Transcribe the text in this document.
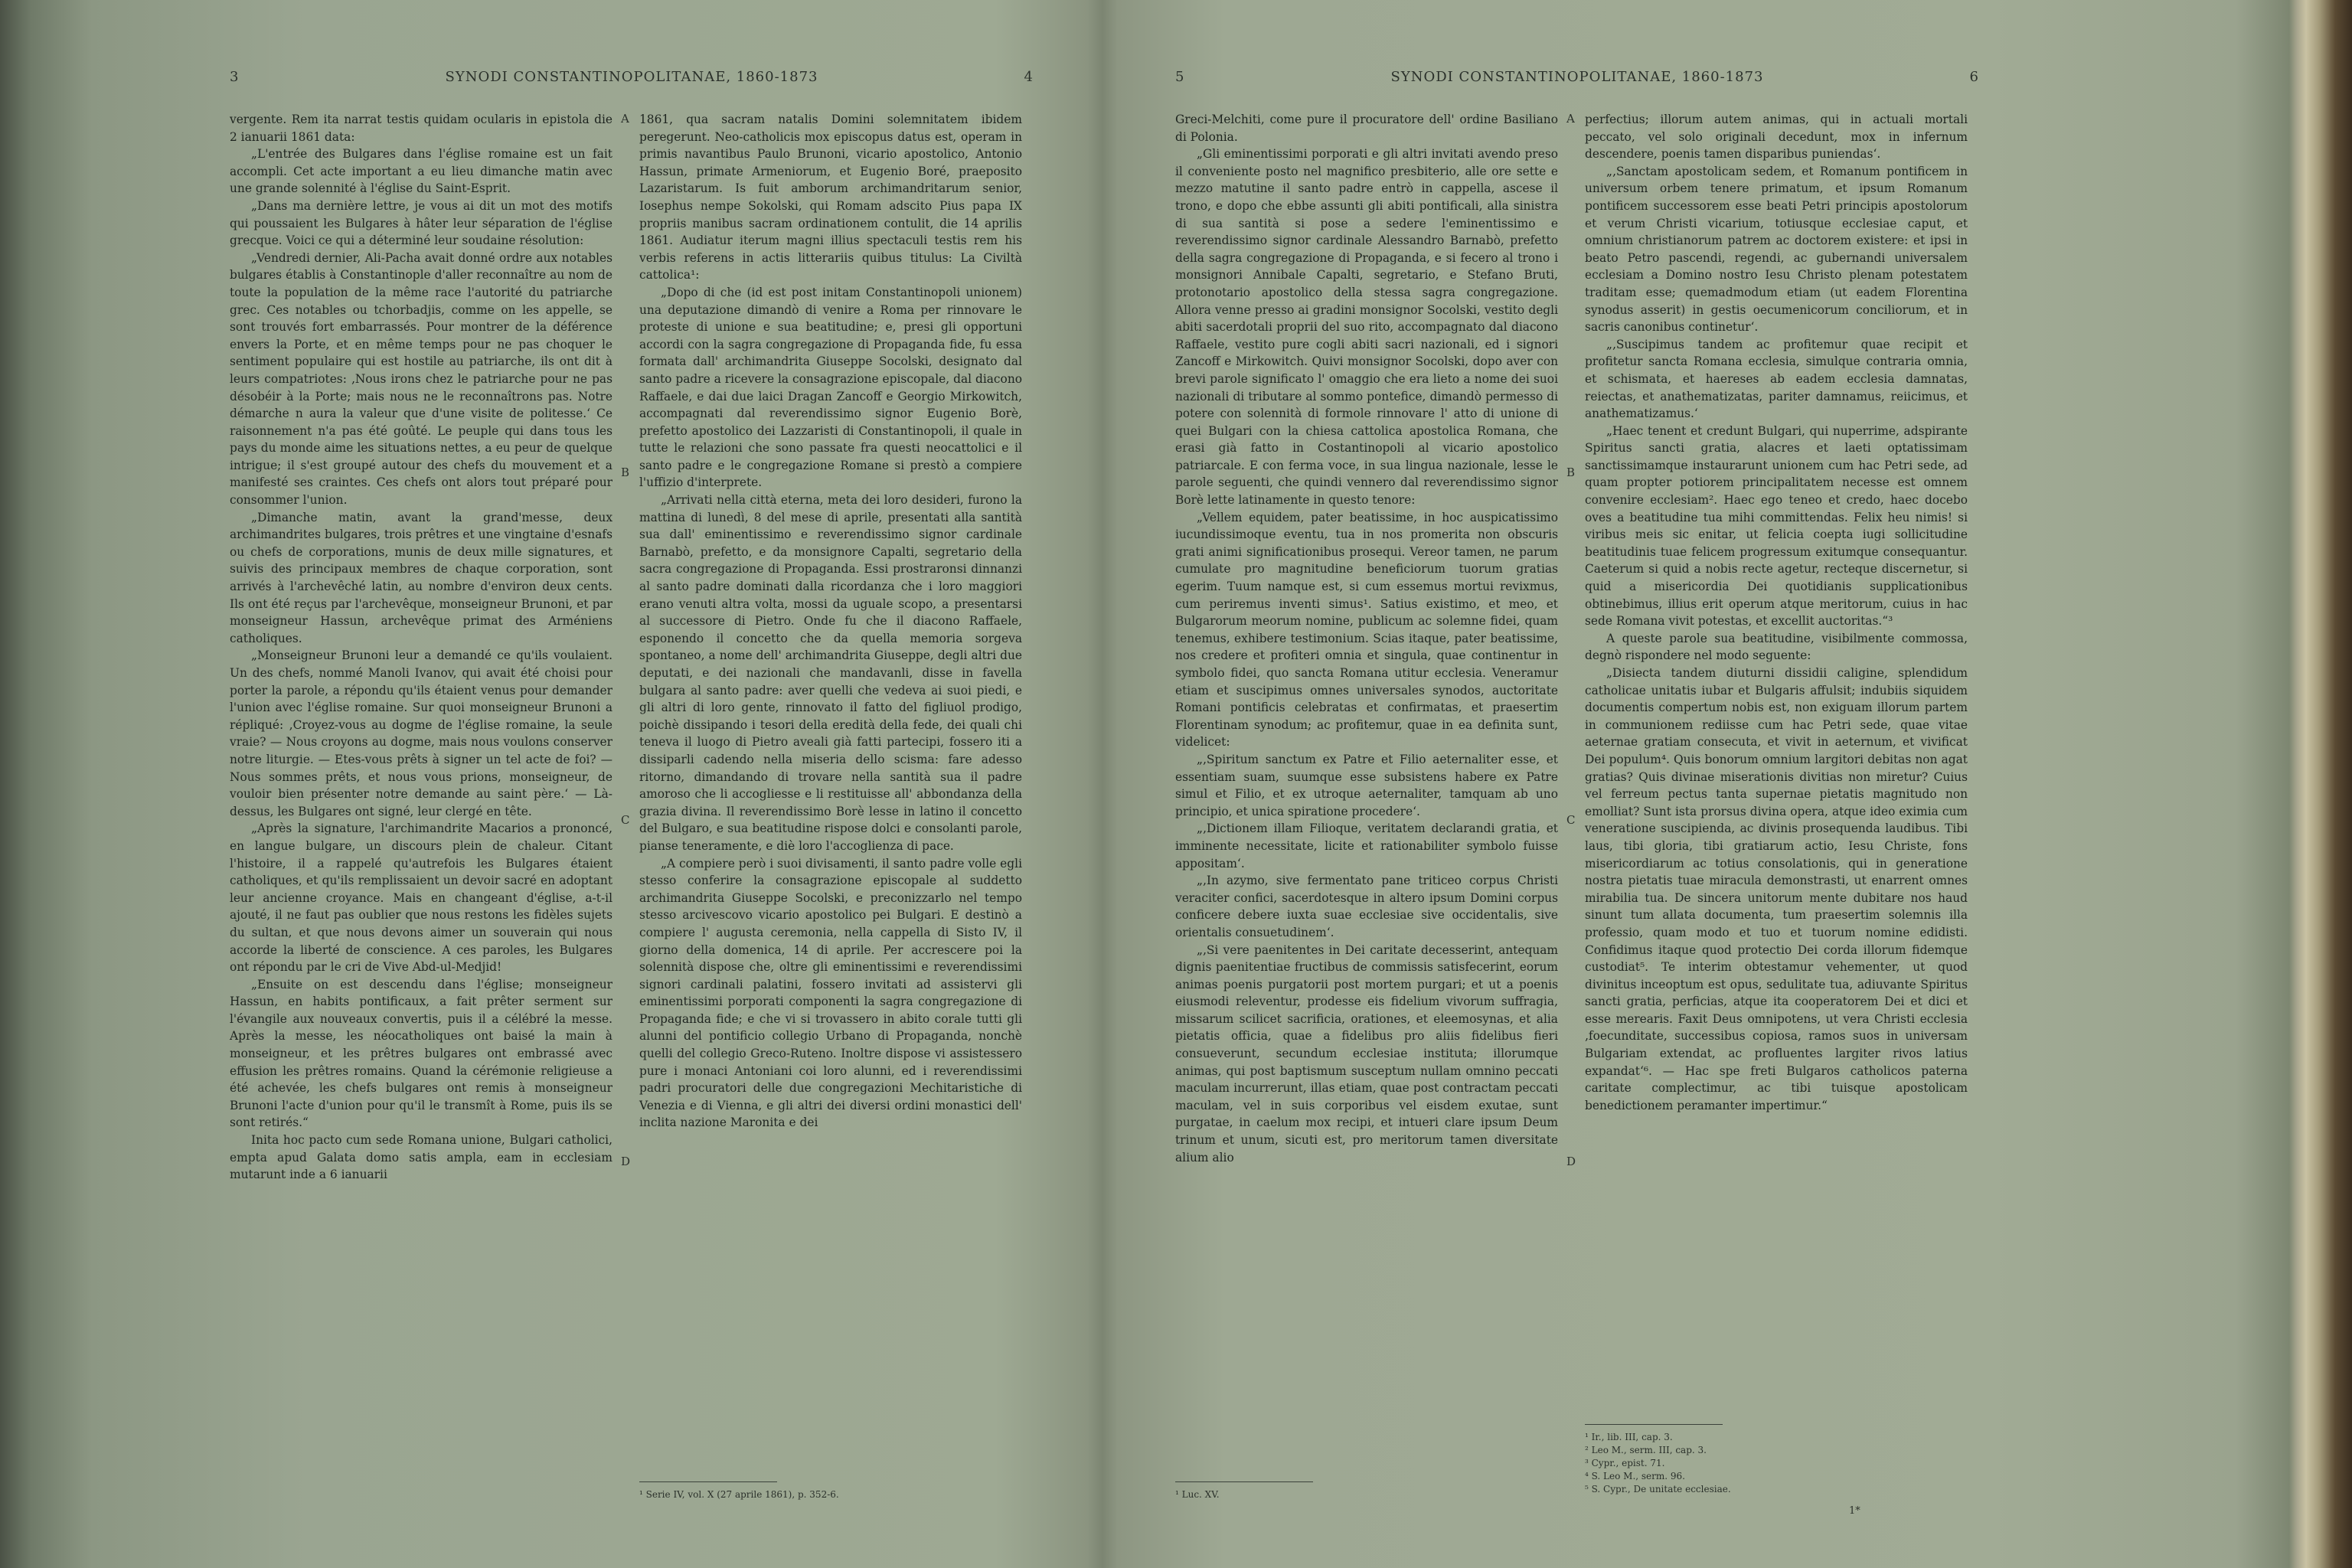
3	SYNODI CONSTANTINOPOLITANAE, 1860-1873	4

vergente. Rem ita narrat testis quidam ocularis in epistola die 2 ianuarii 1861 data:

„L'entrée des Bulgares dans l'église romaine est un fait accompli. Cet acte important a eu lieu dimanche matin avec une grande solennité à l'église du Saint-Esprit.

„Dans ma dernière lettre, je vous ai dit un mot des motifs qui poussaient les Bulgares à hâter leur séparation de l'église grecque. Voici ce qui a déterminé leur soudaine résolution:

„Vendredi dernier, Ali-Pacha avait donné ordre aux notables bulgares établis à Constantinople d'aller reconnaître au nom de toute la population de la même race l'autorité du patriarche grec. Ces notables ou tchorbadjis, comme on les appelle, se sont trouvés fort embarrassés. Pour montrer de la déférence envers la Porte, et en même temps pour ne pas choquer le sentiment populaire qui est hostile au patriarche, ils ont dit à leurs compatriotes: ‚Nous irons chez le patriarche pour ne pas désobéir à la Porte; mais nous ne le reconnaîtrons pas. Notre démarche n aura la valeur que d'une visite de politesse.‘ Ce raisonnement n'a pas été goûté. Le peuple qui dans tous les pays du monde aime les situations nettes, a eu peur de quelque intrigue; il s'est groupé autour des chefs du mouvement et a manifesté ses craintes. Ces chefs ont alors tout préparé pour consommer l'union.

„Dimanche matin, avant la grand'messe, deux archimandrites bulgares, trois prêtres et une vingtaine d'esnafs ou chefs de corporations, munis de deux mille signatures, et suivis des principaux membres de chaque corporation, sont arrivés à l'archevêché latin, au nombre d'environ deux cents. Ils ont été reçus par l'archevêque, monseigneur Brunoni, et par monseigneur Hassun, archevêque primat des Arméniens catholiques.

„Monseigneur Brunoni leur a demandé ce qu'ils voulaient. Un des chefs, nommé Manoli Ivanov, qui avait été choisi pour porter la parole, a répondu qu'ils étaient venus pour demander l'union avec l'église romaine. Sur quoi monseigneur Brunoni a répliqué: ‚Croyez-vous au dogme de l'église romaine, la seule vraie? — Nous croyons au dogme, mais nous voulons conserver notre liturgie. — Etes-vous prêts à signer un tel acte de foi? — Nous sommes prêts, et nous vous prions, monseigneur, de vouloir bien présenter notre demande au saint père.‘ — Là-dessus, les Bulgares ont signé, leur clergé en tête.

„Après la signature, l'archimandrite Macarios a prononcé, en langue bulgare, un discours plein de chaleur. Citant l'histoire, il a rappelé qu'autrefois les Bulgares étaient catholiques, et qu'ils remplissaient un devoir sacré en adoptant leur ancienne croyance. Mais en changeant d'église, a-t-il ajouté, il ne faut pas oublier que nous restons les fidèles sujets du sultan, et que nous devons aimer un souverain qui nous accorde la liberté de conscience. A ces paroles, les Bulgares ont répondu par le cri de Vive Abd-ul-Medjid!

„Ensuite on est descendu dans l'église; monseigneur Hassun, en habits pontificaux, a fait prêter serment sur l'évangile aux nouveaux convertis, puis il a célébré la messe. Après la messe, les néocatholiques ont baisé la main à monseigneur, et les prêtres bulgares ont embrassé avec effusion les prêtres romains. Quand la cérémonie religieuse a été achevée, les chefs bulgares ont remis à monseigneur Brunoni l'acte d'union pour qu'il le transmît à Rome, puis ils se sont retirés.“

Inita hoc pacto cum sede Romana unione, Bulgari catholici, empta apud Galata domo satis ampla, eam in ecclesiam mutarunt inde a 6 ianuarii

A
B
C
D

1861, qua sacram natalis Domini solemnitatem ibidem peregerunt. Neo-catholicis mox episcopus datus est, operam in primis navantibus Paulo Brunoni, vicario apostolico, Antonio Hassun, primate Armeniorum, et Eugenio Boré, praeposito Lazaristarum. Is fuit amborum archimandritarum senior, Iosephus nempe Sokolski, qui Romam adscito Pius papa IX propriis manibus sacram ordinationem contulit, die 14 aprilis 1861. Audiatur iterum magni illius spectaculi testis rem his verbis referens in actis litterariis quibus titulus: La Civiltà cattolica¹:

„Dopo di che (id est post initam Constantinopoli unionem) una deputazione dimandò di venire a Roma per rinnovare le proteste di unione e sua beatitudine; e, presi gli opportuni accordi con la sagra congregazione di Propaganda fide, fu essa formata dall' archimandrita Giuseppe Socolski, designato dal santo padre a ricevere la consagrazione episcopale, dal diacono Raffaele, e dai due laici Dragan Zancoff e Georgio Mirkowitch, accompagnati dal reverendissimo signor Eugenio Borè, prefetto apostolico dei Lazzaristi di Constantinopoli, il quale in tutte le relazioni che sono passate fra questi neocattolici e il santo padre e le congregazione Romane si prestò a compiere l'uffizio d'interprete.

„Arrivati nella città eterna, meta dei loro desideri, furono la mattina di lunedì, 8 del mese di aprile, presentati alla santità sua dall' eminentissimo e reverendissimo signor cardinale Barnabò, prefetto, e da monsignore Capalti, segretario della sacra congregazione di Propaganda. Essi prostraronsi dinnanzi al santo padre dominati dalla ricordanza che i loro maggiori erano venuti altra volta, mossi da uguale scopo, a presentarsi al successore di Pietro. Onde fu che il diacono Raffaele, esponendo il concetto che da quella memoria sorgeva spontaneo, a nome dell' archimandrita Giuseppe, degli altri due deputati, e dei nazionali che mandavanli, disse in favella bulgara al santo padre: aver quelli che vedeva ai suoi piedi, e gli altri di loro gente, rinnovato il fatto del figliuol prodigo, poichè dissipando i tesori della eredità della fede, dei quali chi teneva il luogo di Pietro aveali già fatti partecipi, fossero iti a dissiparli cadendo nella miseria dello scisma: fare adesso ritorno, dimandando di trovare nella santità sua il padre amoroso che li accogliesse e li restituisse all' abbondanza della grazia divina. Il reverendissimo Borè lesse in latino il concetto del Bulgaro, e sua beatitudine rispose dolci e consolanti parole, pianse teneramente, e diè loro l'accoglienza di pace.

„A compiere però i suoi divisamenti, il santo padre volle egli stesso conferire la consagrazione episcopale al suddetto archimandrita Giuseppe Socolski, e preconizzarlo nel tempo stesso arcivescovo vicario apostolico pei Bulgari. E destinò a compiere l' augusta ceremonia, nella cappella di Sisto IV, il giorno della domenica, 14 di aprile. Per accrescere poi la solennità dispose che, oltre gli eminentissimi e reverendissimi signori cardinali palatini, fossero invitati ad assistervi gli eminentissimi porporati componenti la sagra congregazione di Propaganda fide; e che vi si trovassero in abito corale tutti gli alunni del pontificio collegio Urbano di Propaganda, nonchè quelli del collegio Greco-Ruteno. Inoltre dispose vi assistessero pure i monaci Antoniani coi loro alunni, ed i reverendissimi padri procuratori delle due congregazioni Mechitaristiche di Venezia e di Vienna, e gli altri dei diversi ordini monastici dell' inclita nazione Maronita e dei

¹ Serie IV, vol. X (27 aprile 1861), p. 352-6.
5	SYNODI CONSTANTINOPOLITANAE, 1860-1873	6

Greci-Melchiti, come pure il procuratore dell' ordine Basiliano di Polonia.

„Gli eminentissimi porporati e gli altri invitati avendo preso il conveniente posto nel magnifico presbiterio, alle ore sette e mezzo matutine il santo padre entrò in cappella, ascese il trono, e dopo che ebbe assunti gli abiti pontificali, alla sinistra di sua santità si pose a sedere l'eminentissimo e reverendissimo signor cardinale Alessandro Barnabò, prefetto della sagra congregazione di Propaganda, e si fecero al trono i monsignori Annibale Capalti, segretario, e Stefano Bruti, protonotario apostolico della stessa sagra congregazione. Allora venne presso ai gradini monsignor Socolski, vestito degli abiti sacerdotali proprii del suo rito, accompagnato dal diacono Raffaele, vestito pure cogli abiti sacri nazionali, ed i signori Zancoff e Mirkowitch. Quivi monsignor Socolski, dopo aver con brevi parole significato l' omaggio che era lieto a nome dei suoi nazionali di tributare al sommo pontefice, dimandò permesso di potere con solennità di formole rinnovare l' atto di unione di quei Bulgari con la chiesa cattolica apostolica Romana, che erasi già fatto in Costantinopoli al vicario apostolico patriarcale. E con ferma voce, in sua lingua nazionale, lesse le parole seguenti, che quindi vennero dal reverendissimo signor Borè lette latinamente in questo tenore:

„Vellem equidem, pater beatissime, in hoc auspicatissimo iucundissimoque eventu, tua in nos promerita non obscuris grati animi significationibus prosequi. Vereor tamen, ne parum cumulate pro magnitudine beneficiorum tuorum gratias egerim. Tuum namque est, si cum essemus mortui revixmus, cum periremus inventi simus¹. Satius existimo, et meo, et Bulgarorum meorum nomine, publicum ac solemne fidei, quam tenemus, exhibere testimonium. Scias itaque, pater beatissime, nos credere et profiteri omnia et singula, quae continentur in symbolo fidei, quo sancta Romana utitur ecclesia. Veneramur etiam et suscipimus omnes universales synodos, auctoritate Romani pontificis celebratas et confirmatas, et praesertim Florentinam synodum; ac profitemur, quae in ea definita sunt, videlicet:

„‚Spiritum sanctum ex Patre et Filio aeternaliter esse, et essentiam suam, suumque esse subsistens habere ex Patre simul et Filio, et ex utroque aeternaliter, tamquam ab uno principio, et unica spiratione procedere‘.

„‚Dictionem illam Filioque, veritatem declarandi gratia, et imminente necessitate, licite et rationabiliter symbolo fuisse appositam‘.

„‚In azymo, sive fermentato pane triticeo corpus Christi veraciter confici, sacerdotesque in altero ipsum Domini corpus conficere debere iuxta suae ecclesiae sive occidentalis, sive orientalis consuetudinem‘.

„‚Si vere paenitentes in Dei caritate decesserint, antequam dignis paenitentiae fructibus de commissis satisfecerint, eorum animas poenis purgatorii post mortem purgari; et ut a poenis eiusmodi releventur, prodesse eis fidelium vivorum suffragia, missarum scilicet sacrificia, orationes, et eleemosynas, et alia pietatis officia, quae a fidelibus pro aliis fidelibus fieri consueverunt, secundum ecclesiae instituta; illorumque animas, qui post baptismum susceptum nullam omnino peccati maculam incurrerunt, illas etiam, quae post contractam peccati maculam, vel in suis corporibus vel eisdem exutae, sunt purgatae, in caelum mox recipi, et intueri clare ipsum Deum trinum et unum, sicuti est, pro meritorum tamen diversitate alium alio

A
B
C
D

perfectius; illorum autem animas, qui in actuali mortali peccato, vel solo originali decedunt, mox in infernum descendere, poenis tamen disparibus puniendas‘.

„‚Sanctam apostolicam sedem, et Romanum pontificem in universum orbem tenere primatum, et ipsum Romanum pontificem successorem esse beati Petri principis apostolorum et verum Christi vicarium, totiusque ecclesiae caput, et omnium christianorum patrem ac doctorem existere: et ipsi in beato Petro pascendi, regendi, ac gubernandi universalem ecclesiam a Domino nostro Iesu Christo plenam potestatem traditam esse; quemadmodum etiam (ut eadem Florentina synodus asserit) in gestis oecumenicorum conciliorum, et in sacris canonibus continetur‘.

„‚Suscipimus tandem ac profitemur quae recipit et profitetur sancta Romana ecclesia, simulque contraria omnia, et schismata, et haereses ab eadem ecclesia damnatas, reiectas, et anathematizatas, pariter damnamus, reiicimus, et anathematizamus.‘

„Haec tenent et credunt Bulgari, qui nuperrime, adspirante Spiritus sancti gratia, alacres et laeti optatissimam sanctissimamque instaurarunt unionem cum hac Petri sede, ad quam propter potiorem principalitatem necesse est omnem convenire ecclesiam². Haec ego teneo et credo, haec docebo oves a beatitudine tua mihi committendas. Felix heu nimis! si viribus meis sic enitar, ut felicia coepta iugi sollicitudine beatitudinis tuae felicem progressum exitumque consequantur. Caeterum si quid a nobis recte agetur, recteque discernetur, si quid a misericordia Dei quotidianis supplicationibus obtinebimus, illius erit operum atque meritorum, cuius in hac sede Romana vivit potestas, et excellit auctoritas.“³

A queste parole sua beatitudine, visibilmente commossa, degnò rispondere nel modo seguente:

„Disiecta tandem diuturni dissidii caligine, splendidum catholicae unitatis iubar et Bulgaris affulsit; indubiis siquidem documentis compertum nobis est, non exiguam illorum partem in communionem rediisse cum hac Petri sede, quae vitae aeternae gratiam consecuta, et vivit in aeternum, et vivificat Dei populum⁴. Quis bonorum omnium largitori debitas non agat gratias? Quis divinae miserationis divitias non miretur? Cuius vel ferreum pectus tanta supernae pietatis magnitudo non emolliat? Sunt ista prorsus divina opera, atque ideo eximia cum veneratione suscipienda, ac divinis prosequenda laudibus. Tibi laus, tibi gloria, tibi gratiarum actio, Iesu Christe, fons misericordiarum ac totius consolationis, qui in generatione nostra pietatis tuae miracula demonstrasti, ut enarrent omnes mirabilia tua. De sincera unitorum mente dubitare nos haud sinunt tum allata documenta, tum praesertim solemnis illa professio, quam modo et tuo et tuorum nomine edidisti. Confidimus itaque quod protectio Dei corda illorum fidemque custodiat⁵. Te interim obtestamur vehementer, ut quod divinitus inceoptum est opus, sedulitate tua, adiuvante Spiritus sancti gratia, perficias, atque ita cooperatorem Dei et dici et esse merearis. Faxit Deus omnipotens, ut vera Christi ecclesia ‚foecunditate, successibus copiosa, ramos suos in universam Bulgariam extendat, ac profluentes largiter rivos latius expandat‘⁶. — Hac spe freti Bulgaros catholicos paterna caritate complectimur, ac tibi tuisque apostolicam benedictionem peramanter impertimur.“

¹ Luc. XV.
¹ Ir., lib. III, cap. 3.
² Leo M., serm. III, cap. 3.
³ Cypr., epist. 71.
⁴ S. Leo M., serm. 96.
⁵ S. Cypr., De unitate ecclesiae.
1*
